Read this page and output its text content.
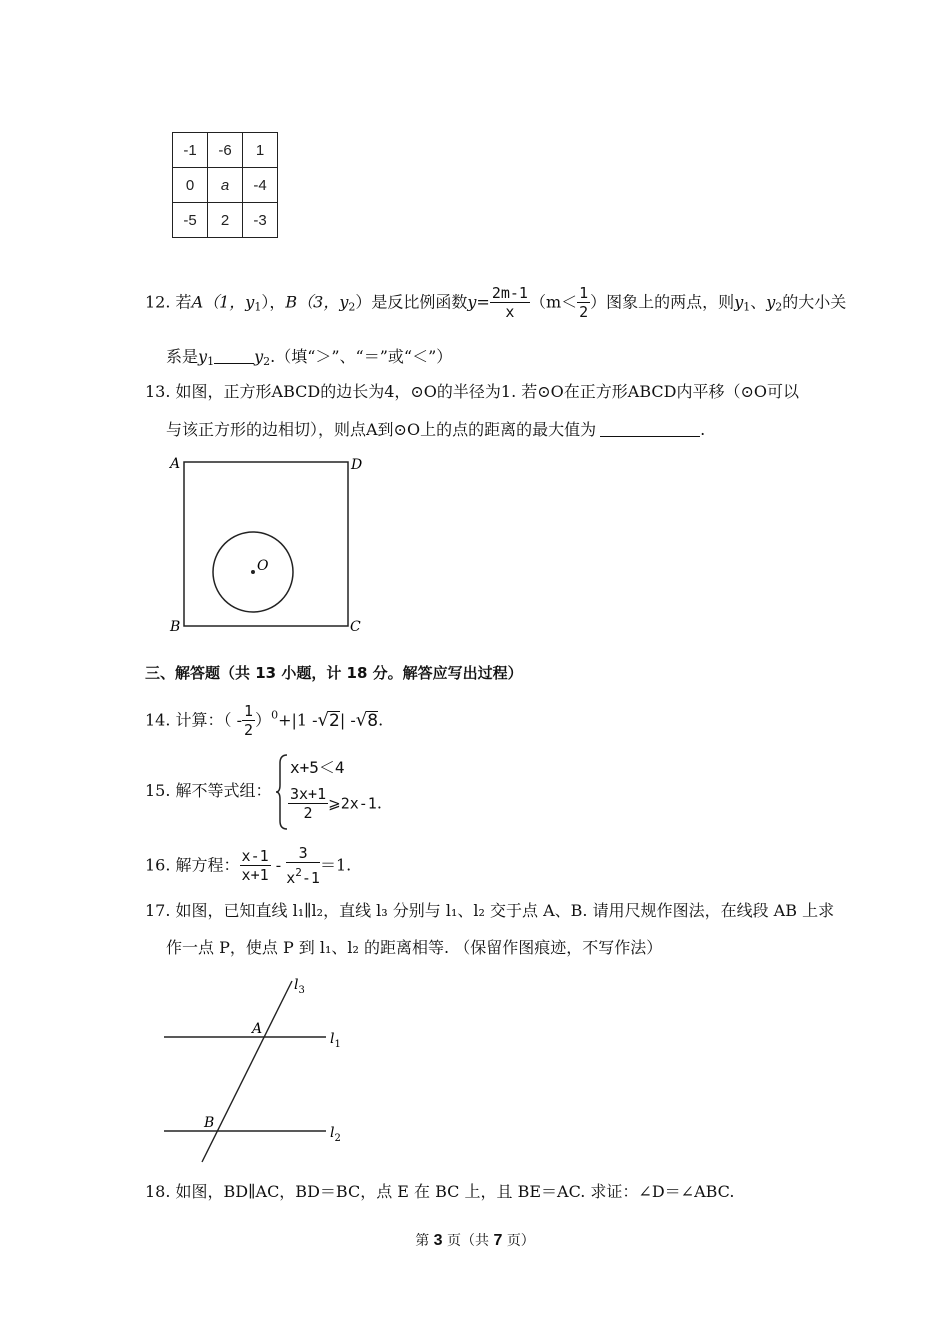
-1	-6	1
0	a	-4
-5	2	-3
12. 若A（1，$y_1$），B（3，$y_2$）是反比例函数$y= \frac{2m-1}{x} (m< \frac{1}{2}$ ）图象上的两点，则$y_1$、$y_2$的大小关
系是$y_1$	$y_2$.（填“＞”、“＝”或“＜”）
13. 如图，正方形ABCD的边长为4，⊙O的半径为1. 若⊙O在正方形ABCD内平移（⊙O可以
与该正方形的边相切），则点A到⊙O上的点的距离的最大值为	.
O
A	D
B	C
三、解答题（共 13 小题，计 18 分。解答应写出过程）
14. 计算：（ - $\frac{1}{2} )^0+|1$ -√2| -√8.
15. 解不等式组：
x+5＜4
$\frac{3x+1}{2}$ ⩾2x-1.
16. 解方程： $\frac{x-1}{x+1} - \frac{3}{x^2-1} =1$.
17. 如图，已知直线 l₁∥l₂，直线 l₃ 分别与 l₁、l₂ 交于点 A、B. 请用尺规作图法，在线段 AB 上求
作一点 P，使点 P 到 l₁、l₂ 的距离相等. （保留作图痕迹，不写作法）
$l_3$
$l_1$
$l_2$
A
B
18. 如图，BD∥AC，BD＝BC，点 E 在 BC 上，且 BE＝AC. 求证：∠D＝∠ABC.
第 3 页（共 7 页）
